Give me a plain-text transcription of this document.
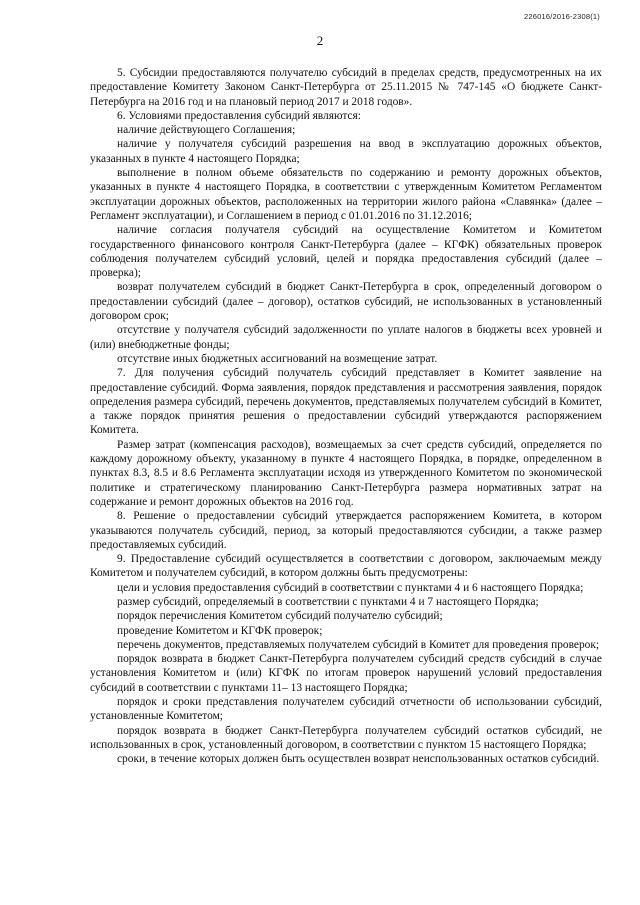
226016/2016-2308(1)
2

5. Субсидии предоставляются получателю субсидий в пределах средств, предусмотренных на их предоставление Комитету Законом Санкт-Петербурга от 25.11.2015 № 747-145 «О бюджете Санкт-Петербурга на 2016 год и на плановый период 2017 и 2018 годов».

6. Условиями предоставления субсидий являются:

наличие действующего Соглашения;

наличие у получателя субсидий разрешения на ввод в эксплуатацию дорожных объектов, указанных в пункте 4 настоящего Порядка;

выполнение в полном объеме обязательств по содержанию и ремонту дорожных объектов, указанных в пункте 4 настоящего Порядка, в соответствии с утвержденным Комитетом Регламентом эксплуатации дорожных объектов, расположенных на территории жилого района «Славянка» (далее – Регламент эксплуатации), и Соглашением в период с 01.01.2016 по 31.12.2016;

наличие согласия получателя субсидий на осуществление Комитетом и Комитетом государственного финансового контроля Санкт-Петербурга (далее – КГФК) обязательных проверок соблюдения получателем субсидий условий, целей и порядка предоставления субсидий (далее – проверка);

возврат получателем субсидий в бюджет Санкт-Петербурга в срок, определенный договором о предоставлении субсидий (далее – договор), остатков субсидий, не использованных в установленный договором срок;

отсутствие у получателя субсидий задолженности по уплате налогов в бюджеты всех уровней и (или) внебюджетные фонды;

отсутствие иных бюджетных ассигнований на возмещение затрат.

7. Для получения субсидий получатель субсидий представляет в Комитет заявление на предоставление субсидий. Форма заявления, порядок представления и рассмотрения заявления, порядок определения размера субсидий, перечень документов, представляемых получателем субсидий в Комитет, а также порядок принятия решения о предоставлении субсидий утверждаются распоряжением Комитета.

Размер затрат (компенсация расходов), возмещаемых за счет средств субсидий, определяется по каждому дорожному объекту, указанному в пункте 4 настоящего Порядка, в порядке, определенном в пунктах 8.3, 8.5 и 8.6 Регламента эксплуатации исходя из утвержденного Комитетом по экономической политике и стратегическому планированию Санкт-Петербурга размера нормативных затрат на содержание и ремонт дорожных объектов на 2016 год.

8. Решение о предоставлении субсидий утверждается распоряжением Комитета, в котором указываются получатель субсидий, период, за который предоставляются субсидии, а также размер предоставляемых субсидий.

9. Предоставление субсидий осуществляется в соответствии с договором, заключаемым между Комитетом и получателем субсидий, в котором должны быть предусмотрены:

цели и условия предоставления субсидий в соответствии с пунктами 4 и 6 настоящего Порядка;

размер субсидий, определяемый в соответствии с пунктами 4 и 7 настоящего Порядка;

порядок перечисления Комитетом субсидий получателю субсидий;

проведение Комитетом и КГФК проверок;

перечень документов, представляемых получателем субсидий в Комитет для проведения проверок;

порядок возврата в бюджет Санкт-Петербурга получателем субсидий средств субсидий в случае установления Комитетом и (или) КГФК по итогам проверок нарушений условий предоставления субсидий в соответствии с пунктами 11– 13 настоящего Порядка;

порядок и сроки представления получателем субсидий отчетности об использовании субсидий, установленные Комитетом;

порядок возврата в бюджет Санкт-Петербурга получателем субсидий остатков субсидий, не использованных в срок, установленный договором, в соответствии с пунктом 15 настоящего Порядка;

сроки, в течение которых должен быть осуществлен возврат неиспользованных остатков субсидий.
